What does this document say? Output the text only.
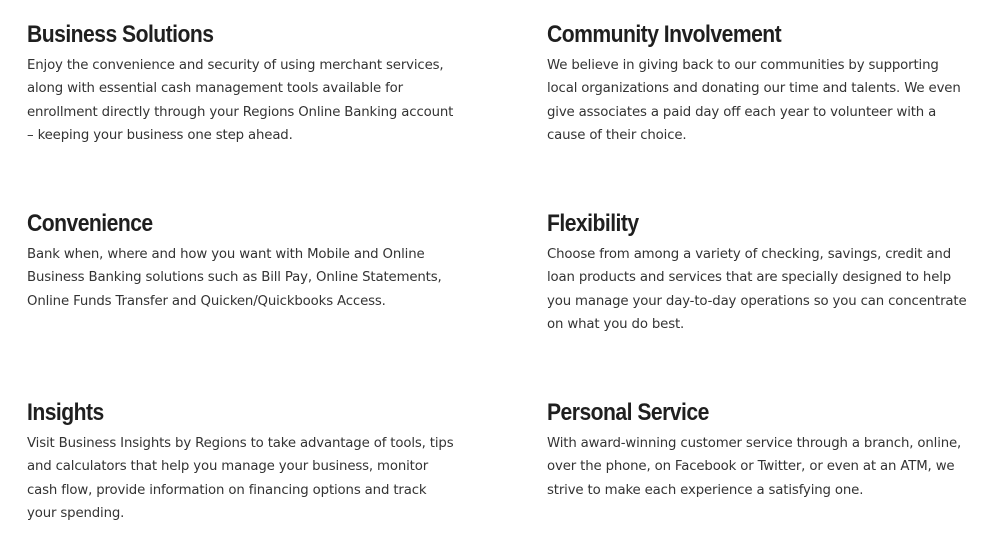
Business Solutions

Enjoy the convenience and security of using merchant services, along with essential cash management tools available for enrollment directly through your Regions Online Banking account – keeping your business one step ahead.

Community Involvement

We believe in giving back to our communities by supporting local organizations and donating our time and talents. We even give associates a paid day off each year to volunteer with a cause of their choice.

Convenience

Bank when, where and how you want with Mobile and Online Business Banking solutions such as Bill Pay, Online Statements, Online Funds Transfer and Quicken/Quickbooks Access.

Flexibility

Choose from among a variety of checking, savings, credit and loan products and services that are specially designed to help you manage your day-to-day operations so you can concentrate on what you do best.

Insights

Visit Business Insights by Regions to take advantage of tools, tips and calculators that help you manage your business, monitor cash flow, provide information on financing options and track your spending.

Personal Service

With award-winning customer service through a branch, online, over the phone, on Facebook or Twitter, or even at an ATM, we strive to make each experience a satisfying one.
